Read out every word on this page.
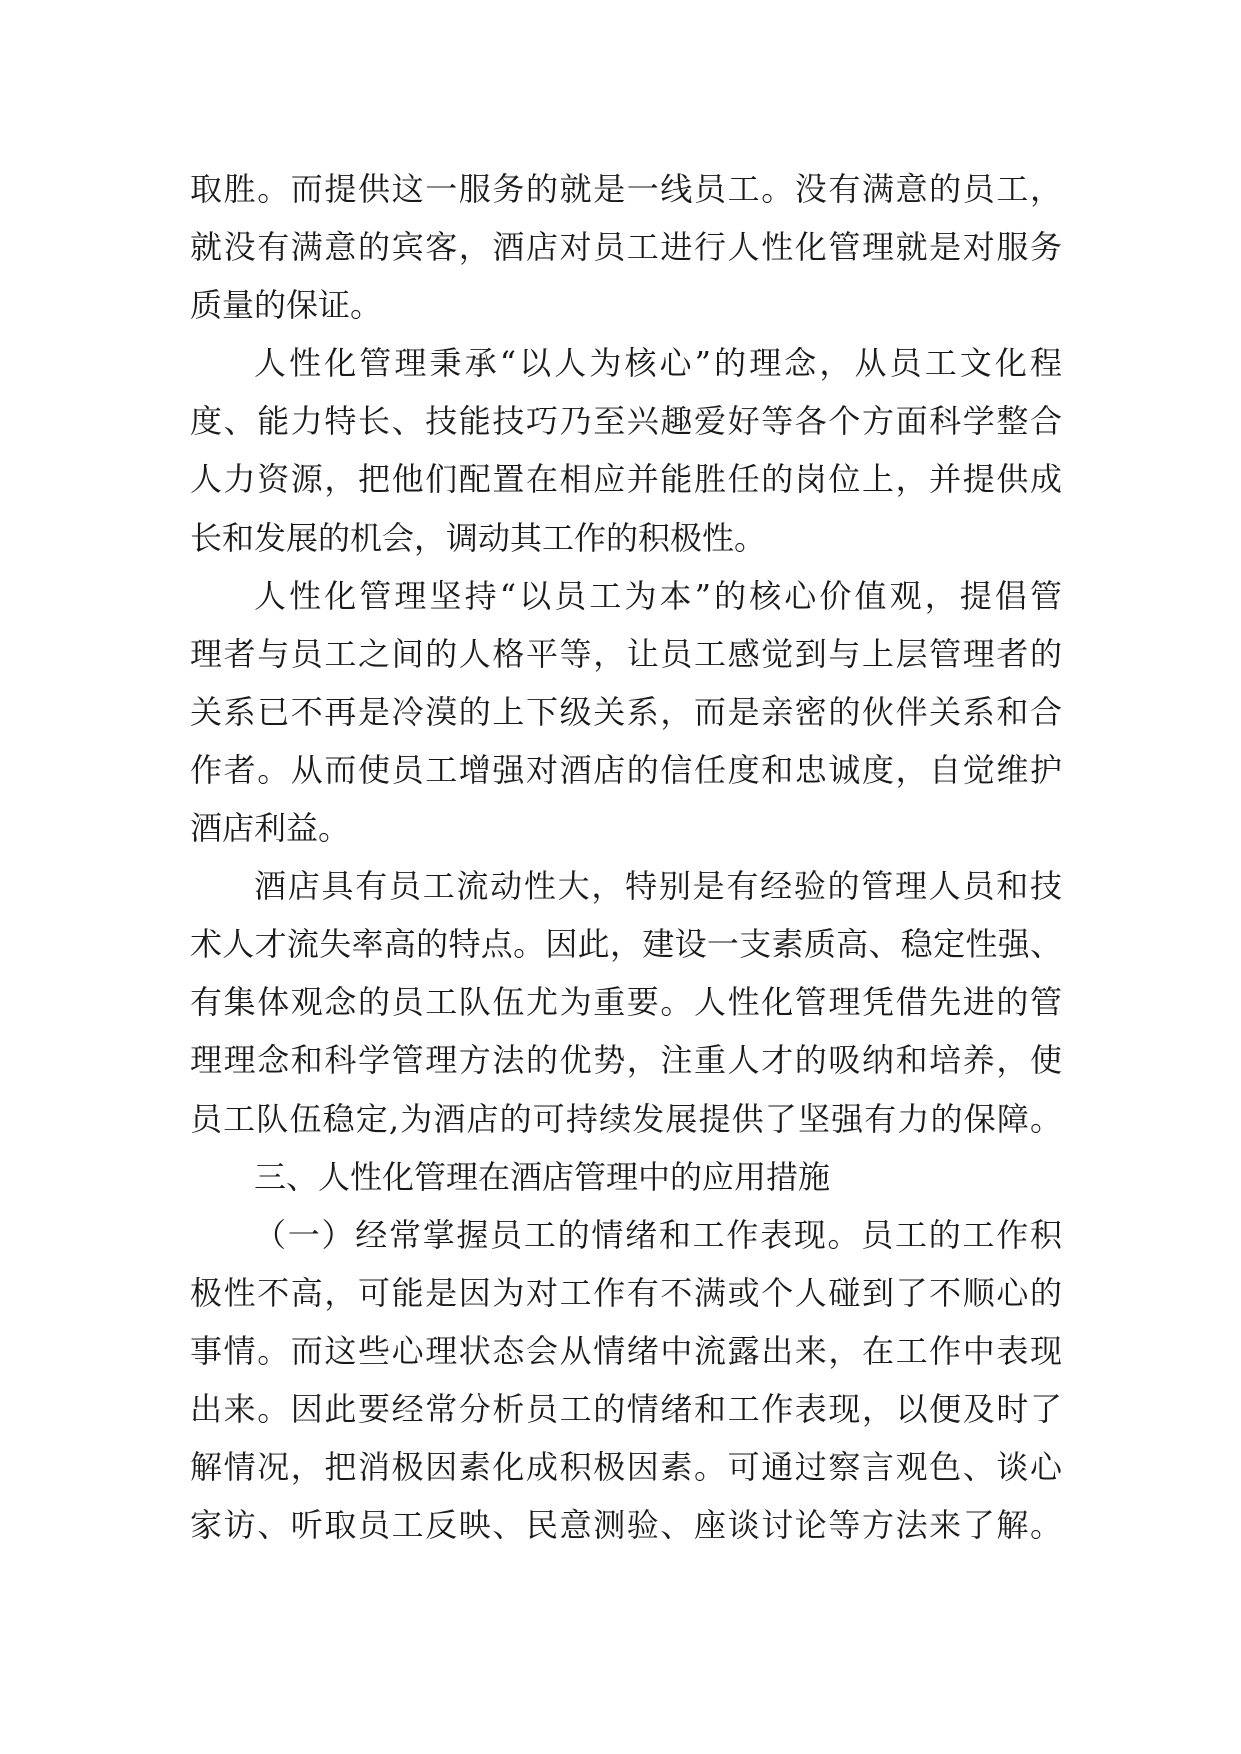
取胜。而提供这一服务的就是一线员工。没有满意的员工，
就没有满意的宾客，酒店对员工进行人性化管理就是对服务
质量的保证。
人性化管理秉承“以人为核心”的理念，从员工文化程
度、能力特长、技能技巧乃至兴趣爱好等各个方面科学整合
人力资源，把他们配置在相应并能胜任的岗位上，并提供成
长和发展的机会，调动其工作的积极性。
人性化管理坚持“以员工为本”的核心价值观，提倡管
理者与员工之间的人格平等，让员工感觉到与上层管理者的
关系已不再是冷漠的上下级关系，而是亲密的伙伴关系和合
作者。从而使员工增强对酒店的信任度和忠诚度，自觉维护
酒店利益。
酒店具有员工流动性大，特别是有经验的管理人员和技
术人才流失率高的特点。因此，建设一支素质高、稳定性强、
有集体观念的员工队伍尤为重要。人性化管理凭借先进的管
理理念和科学管理方法的优势，注重人才的吸纳和培养，使
员工队伍稳定,为酒店的可持续发展提供了坚强有力的保障。
三、人性化管理在酒店管理中的应用措施
（一）经常掌握员工的情绪和工作表现。员工的工作积
极性不高，可能是因为对工作有不满或个人碰到了不顺心的
事情。而这些心理状态会从情绪中流露出来，在工作中表现
出来。因此要经常分析员工的情绪和工作表现，以便及时了
解情况，把消极因素化成积极因素。可通过察言观色、谈心
家访、听取员工反映、民意测验、座谈讨论等方法来了解。
